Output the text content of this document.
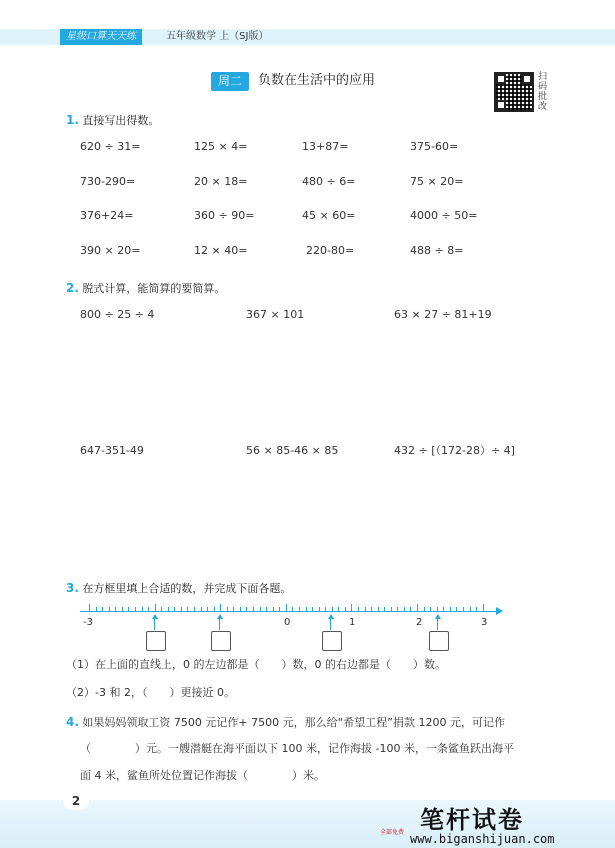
星级口算天天练	五年级数学 上（SJ版）
周二	负数在生活中的应用	扫码批改
1. 直接写出得数。
620 ÷ 31=	125 × 4=	13+87=	375-60=
730-290=	20 × 18=	480 ÷ 6=	75 × 20=
376+24=	360 ÷ 90=	45 × 60=	4000 ÷ 50=
390 × 20=	12 × 40=	220-80=	488 ÷ 8=
2. 脱式计算，能简算的要简算。
800 ÷ 25 ÷ 4	367 × 101	63 × 27 ÷ 81+19
647-351-49	56 × 85-46 × 85	432 ÷ [（172-28）÷ 4]
3. 在方框里填上合适的数，并完成下面各题。
-3	0	1	2	3
（1）在上面的直线上，0 的左边都是（　　）数，0 的右边都是（　　）数。
（2）-3 和 2，（　　）更接近 0。
4. 如果妈妈领取工资 7500 元记作+ 7500 元，那么给“希望工程”捐款 1200 元，可记作
（　　　　）元。一艘潜艇在海平面以下 100 米，记作海拔 -100 米，一条鲨鱼跃出海平
面 4 米，鲨鱼所处位置记作海拔（　　　　）米。
2
笔杆试卷
全部免费 www.biganshijuan.com
